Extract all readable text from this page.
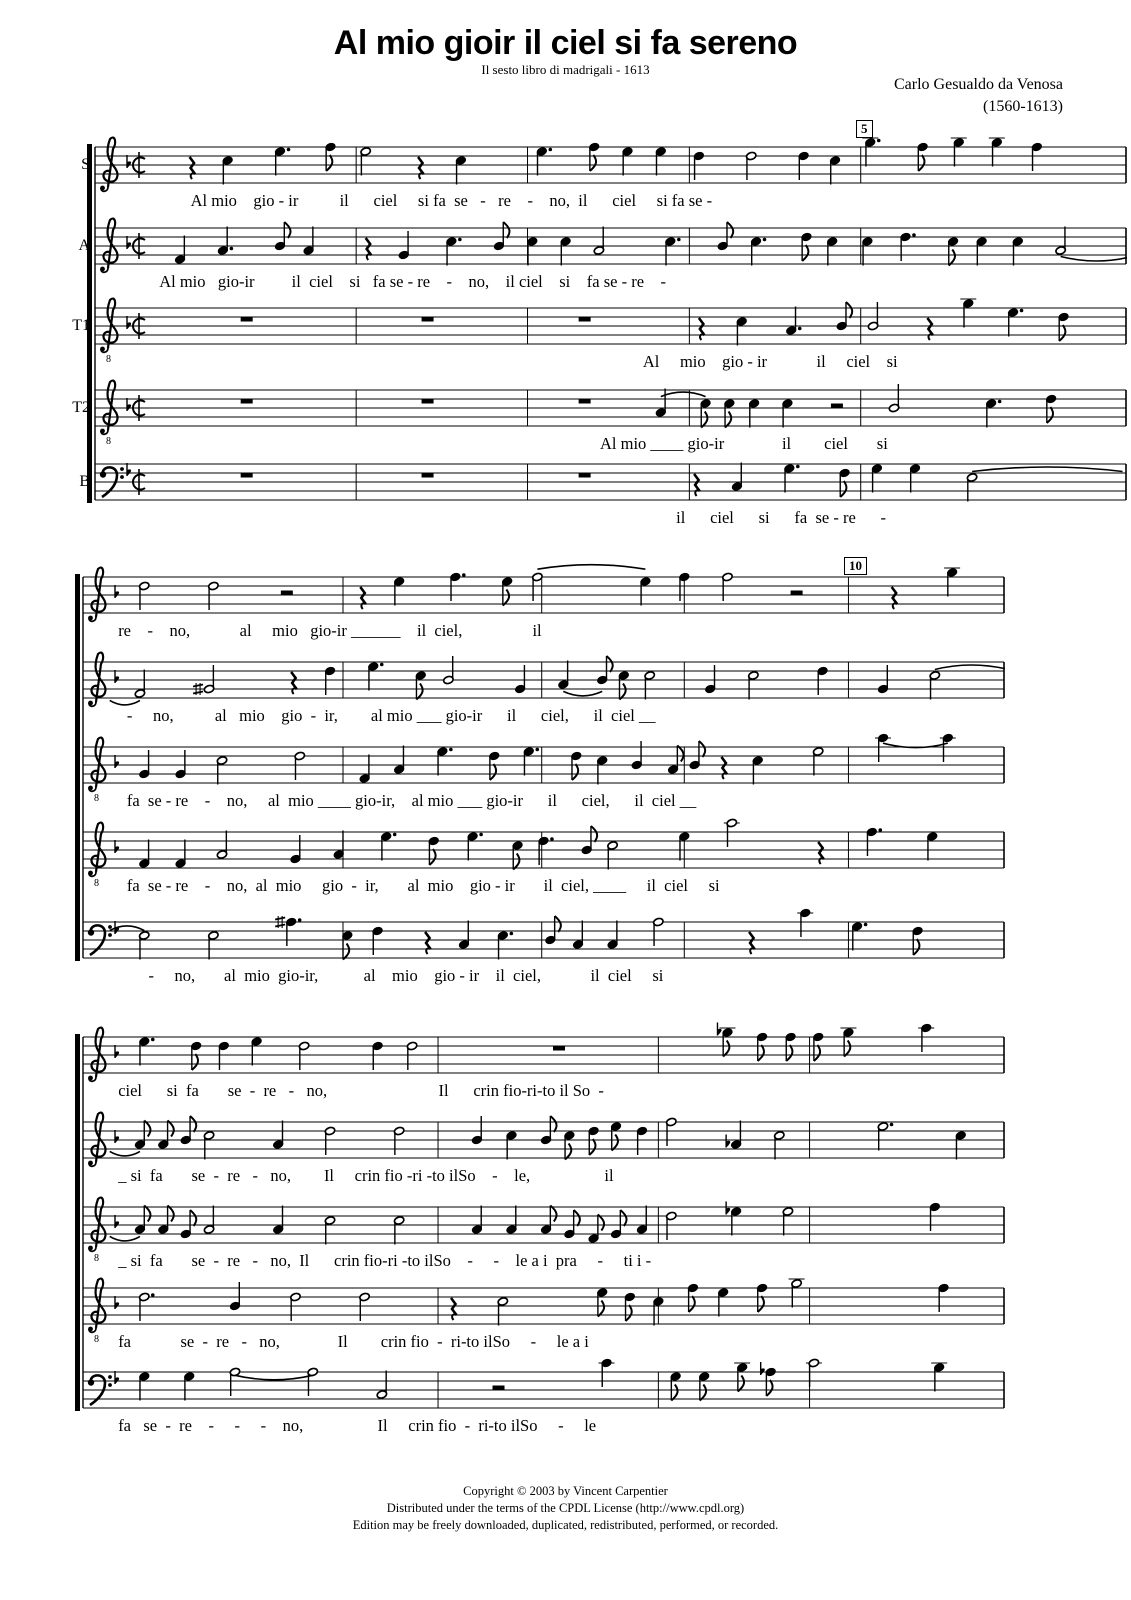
Al mio gioir il ciel si fa sereno
Il sesto libro di madrigali - 1613
Carlo Gesualdo da Venosa
(1560-1613)
5
10
8
8
8
8
8
8
Copyright © 2003 by Vincent Carpentier
Distributed under the terms of the CPDL License (http://www.cpdl.org)
Edition may be freely downloaded, duplicated, redistributed, performed, or recorded.
Al mio    gio - ir          il      ciel     si fa  se   -   re    -    no,  il      ciel     si fa se -
S
Al mio   gio-ir         il  ciel    si   fa se - re    -    no,    il ciel    si    fa se - re    -
A
Al     mio    gio - ir            il     ciel    si
T1
Al mio ____ gio-ir              il        ciel       si
T2
il      ciel      si      fa  se - re      -
B
re    -    no,            al     mio   gio-ir ______    il  ciel,                 il
-     no,          al   mio    gio  -  ir,        al mio ___ gio-ir      il      ciel,      il  ciel __
fa  se - re    -    no,     al  mio ____ gio-ir,    al mio ___ gio-ir      il      ciel,      il  ciel __
fa  se - re    -    no,  al  mio     gio  -  ir,       al  mio    gio - ir       il  ciel, ____     il  ciel     si
-     no,       al  mio  gio-ir,           al    mio    gio - ir    il  ciel,            il  ciel     si
ciel      si  fa       se  -  re   -   no,                           Il      crin fio-ri-to il So  -
_ si  fa       se  -  re   -   no,        Il     crin fio -ri -to ilSo    -    le,                  il
_ si  fa       se  -  re   -   no,  Il      crin fio-ri -to ilSo    -     -    le a i  pra     -     ti i -
fa            se  -  re   -   no,              Il        crin fio  -  ri-to ilSo     -     le a i
fa   se  -  re    -     -     -    no,                  Il     crin fio  -  ri-to ilSo     -     le
